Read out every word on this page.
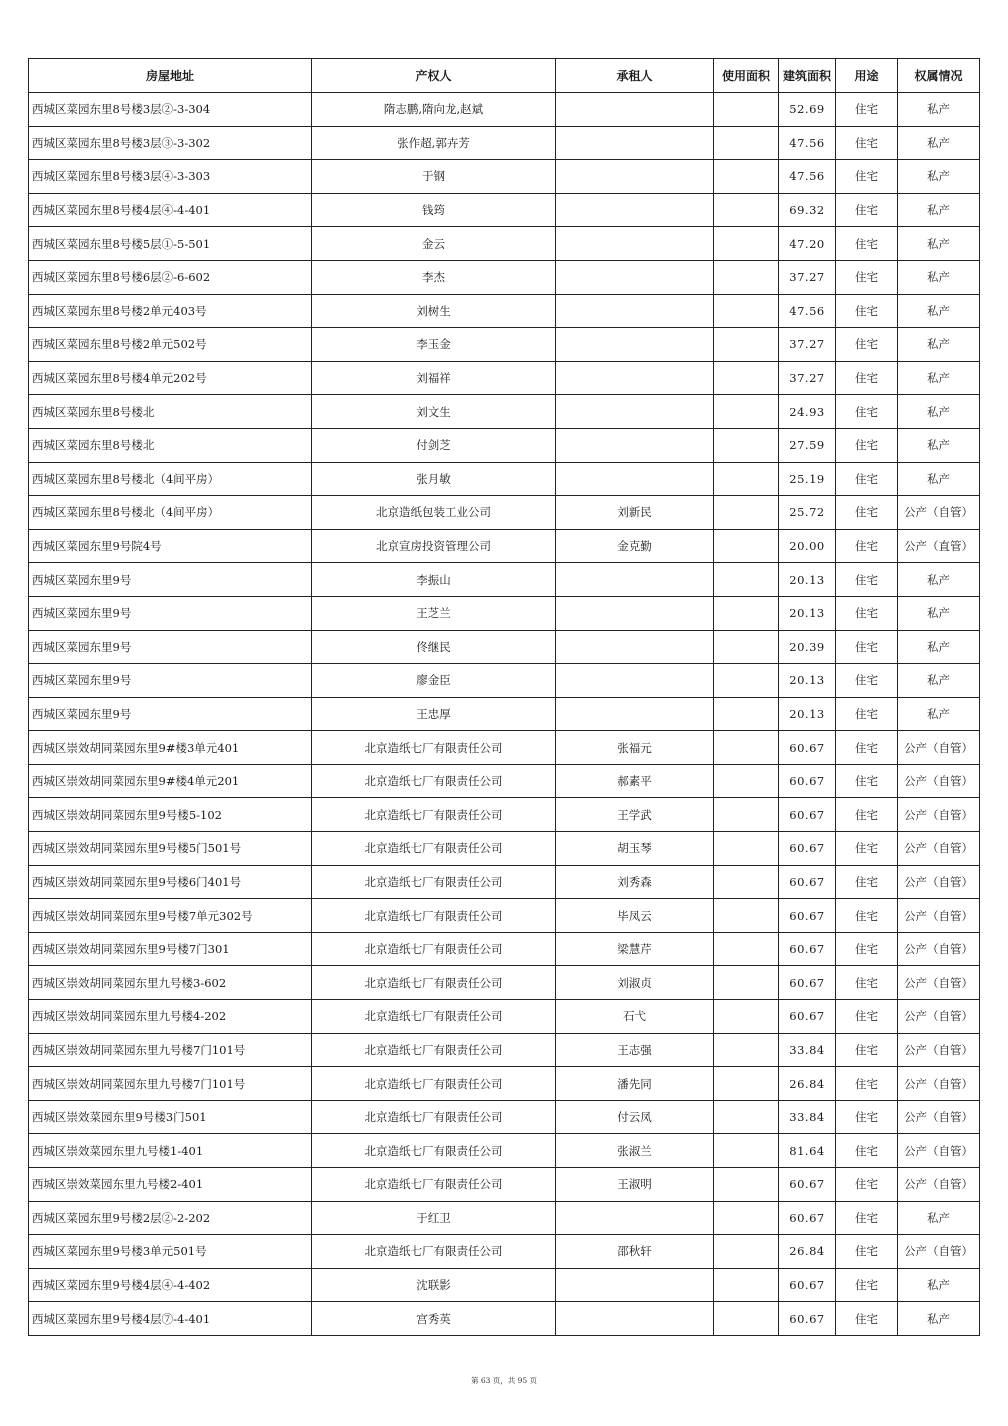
房屋地址	产权人	承租人	使用面积	建筑面积	用途	权属情况
西城区菜园东里8号楼3层②-3-304	隋志鹏,隋向龙,赵斌			52.69	住宅	私产
西城区菜园东里8号楼3层③-3-302	张作超,郭卉芳			47.56	住宅	私产
西城区菜园东里8号楼3层④-3-303	于钢			47.56	住宅	私产
西城区菜园东里8号楼4层④-4-401	钱筠			69.32	住宅	私产
西城区菜园东里8号楼5层①-5-501	金云			47.20	住宅	私产
西城区菜园东里8号楼6层②-6-602	李杰			37.27	住宅	私产
西城区菜园东里8号楼2单元403号	刘树生			47.56	住宅	私产
西城区菜园东里8号楼2单元502号	李玉金			37.27	住宅	私产
西城区菜园东里8号楼4单元202号	刘福祥			37.27	住宅	私产
西城区菜园东里8号楼北	刘文生			24.93	住宅	私产
西城区菜园东里8号楼北	付剑芝			27.59	住宅	私产
西城区菜园东里8号楼北（4间平房）	张月敏			25.19	住宅	私产
西城区菜园东里8号楼北（4间平房）	北京造纸包装工业公司	刘新民		25.72	住宅	公产（自管）
西城区菜园东里9号院4号	北京宣房投资管理公司	金克勤		20.00	住宅	公产（直管）
西城区菜园东里9号	李振山			20.13	住宅	私产
西城区菜园东里9号	王芝兰			20.13	住宅	私产
西城区菜园东里9号	佟继民			20.39	住宅	私产
西城区菜园东里9号	廖金臣			20.13	住宅	私产
西城区菜园东里9号	王忠厚			20.13	住宅	私产
西城区崇效胡同菜园东里9#楼3单元401	北京造纸七厂有限责任公司	张福元		60.67	住宅	公产（自管）
西城区崇效胡同菜园东里9#楼4单元201	北京造纸七厂有限责任公司	郝素平		60.67	住宅	公产（自管）
西城区崇效胡同菜园东里9号楼5-102	北京造纸七厂有限责任公司	王学武		60.67	住宅	公产（自管）
西城区崇效胡同菜园东里9号楼5门501号	北京造纸七厂有限责任公司	胡玉琴		60.67	住宅	公产（自管）
西城区崇效胡同菜园东里9号楼6门401号	北京造纸七厂有限责任公司	刘秀森		60.67	住宅	公产（自管）
西城区崇效胡同菜园东里9号楼7单元302号	北京造纸七厂有限责任公司	毕凤云		60.67	住宅	公产（自管）
西城区崇效胡同菜园东里9号楼7门301	北京造纸七厂有限责任公司	梁慧芹		60.67	住宅	公产（自管）
西城区崇效胡同菜园东里九号楼3-602	北京造纸七厂有限责任公司	刘淑贞		60.67	住宅	公产（自管）
西城区崇效胡同菜园东里九号楼4-202	北京造纸七厂有限责任公司	石弋		60.67	住宅	公产（自管）
西城区崇效胡同菜园东里九号楼7门101号	北京造纸七厂有限责任公司	王志强		33.84	住宅	公产（自管）
西城区崇效胡同菜园东里九号楼7门101号	北京造纸七厂有限责任公司	潘先同		26.84	住宅	公产（自管）
西城区崇效菜园东里9号楼3门501	北京造纸七厂有限责任公司	付云凤		33.84	住宅	公产（自管）
西城区崇效菜园东里九号楼1-401	北京造纸七厂有限责任公司	张淑兰		81.64	住宅	公产（自管）
西城区崇效菜园东里九号楼2-401	北京造纸七厂有限责任公司	王淑明		60.67	住宅	公产（自管）
西城区菜园东里9号楼2层②-2-202	于红卫			60.67	住宅	私产
西城区菜园东里9号楼3单元501号	北京造纸七厂有限责任公司	邵秋轩		26.84	住宅	公产（自管）
西城区菜园东里9号楼4层④-4-402	沈联影			60.67	住宅	私产
西城区菜园东里9号楼4层⑦-4-401	宫秀英			60.67	住宅	私产
第 63 页，共 95 页
